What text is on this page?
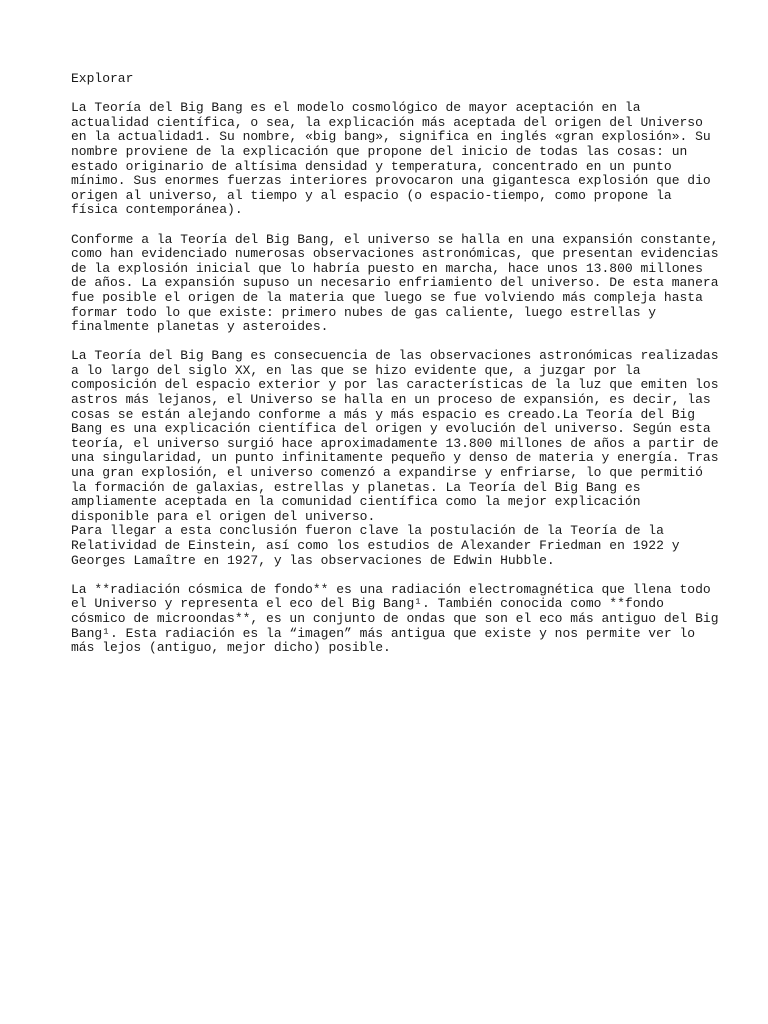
Explorar
La Teoría del Big Bang es el modelo cosmológico de mayor aceptación en la
actualidad científica, o sea, la explicación más aceptada del origen del Universo
en la actualidad1. Su nombre, «big bang», significa en inglés «gran explosión». Su
nombre proviene de la explicación que propone del inicio de todas las cosas: un
estado originario de altísima densidad y temperatura, concentrado en un punto
mínimo. Sus enormes fuerzas interiores provocaron una gigantesca explosión que dio
origen al universo, al tiempo y al espacio (o espacio-tiempo, como propone la
física contemporánea).
Conforme a la Teoría del Big Bang, el universo se halla en una expansión constante,
como han evidenciado numerosas observaciones astronómicas, que presentan evidencias
de la explosión inicial que lo habría puesto en marcha, hace unos 13.800 millones
de años. La expansión supuso un necesario enfriamiento del universo. De esta manera
fue posible el origen de la materia que luego se fue volviendo más compleja hasta
formar todo lo que existe: primero nubes de gas caliente, luego estrellas y
finalmente planetas y asteroides.
La Teoría del Big Bang es consecuencia de las observaciones astronómicas realizadas
a lo largo del siglo XX, en las que se hizo evidente que, a juzgar por la
composición del espacio exterior y por las características de la luz que emiten los
astros más lejanos, el Universo se halla en un proceso de expansión, es decir, las
cosas se están alejando conforme a más y más espacio es creado.La Teoría del Big
Bang es una explicación científica del origen y evolución del universo. Según esta
teoría, el universo surgió hace aproximadamente 13.800 millones de años a partir de
una singularidad, un punto infinitamente pequeño y denso de materia y energía. Tras
una gran explosión, el universo comenzó a expandirse y enfriarse, lo que permitió
la formación de galaxias, estrellas y planetas. La Teoría del Big Bang es
ampliamente aceptada en la comunidad científica como la mejor explicación
disponible para el origen del universo.
Para llegar a esta conclusión fueron clave la postulación de la Teoría de la
Relatividad de Einstein, así como los estudios de Alexander Friedman en 1922 y
Georges Lamaître en 1927, y las observaciones de Edwin Hubble.
La **radiación cósmica de fondo** es una radiación electromagnética que llena todo
el Universo y representa el eco del Big Bang¹. También conocida como **fondo
cósmico de microondas**, es un conjunto de ondas que son el eco más antiguo del Big
Bang¹. Esta radiación es la “imagen” más antigua que existe y nos permite ver lo
más lejos (antiguo, mejor dicho) posible.
